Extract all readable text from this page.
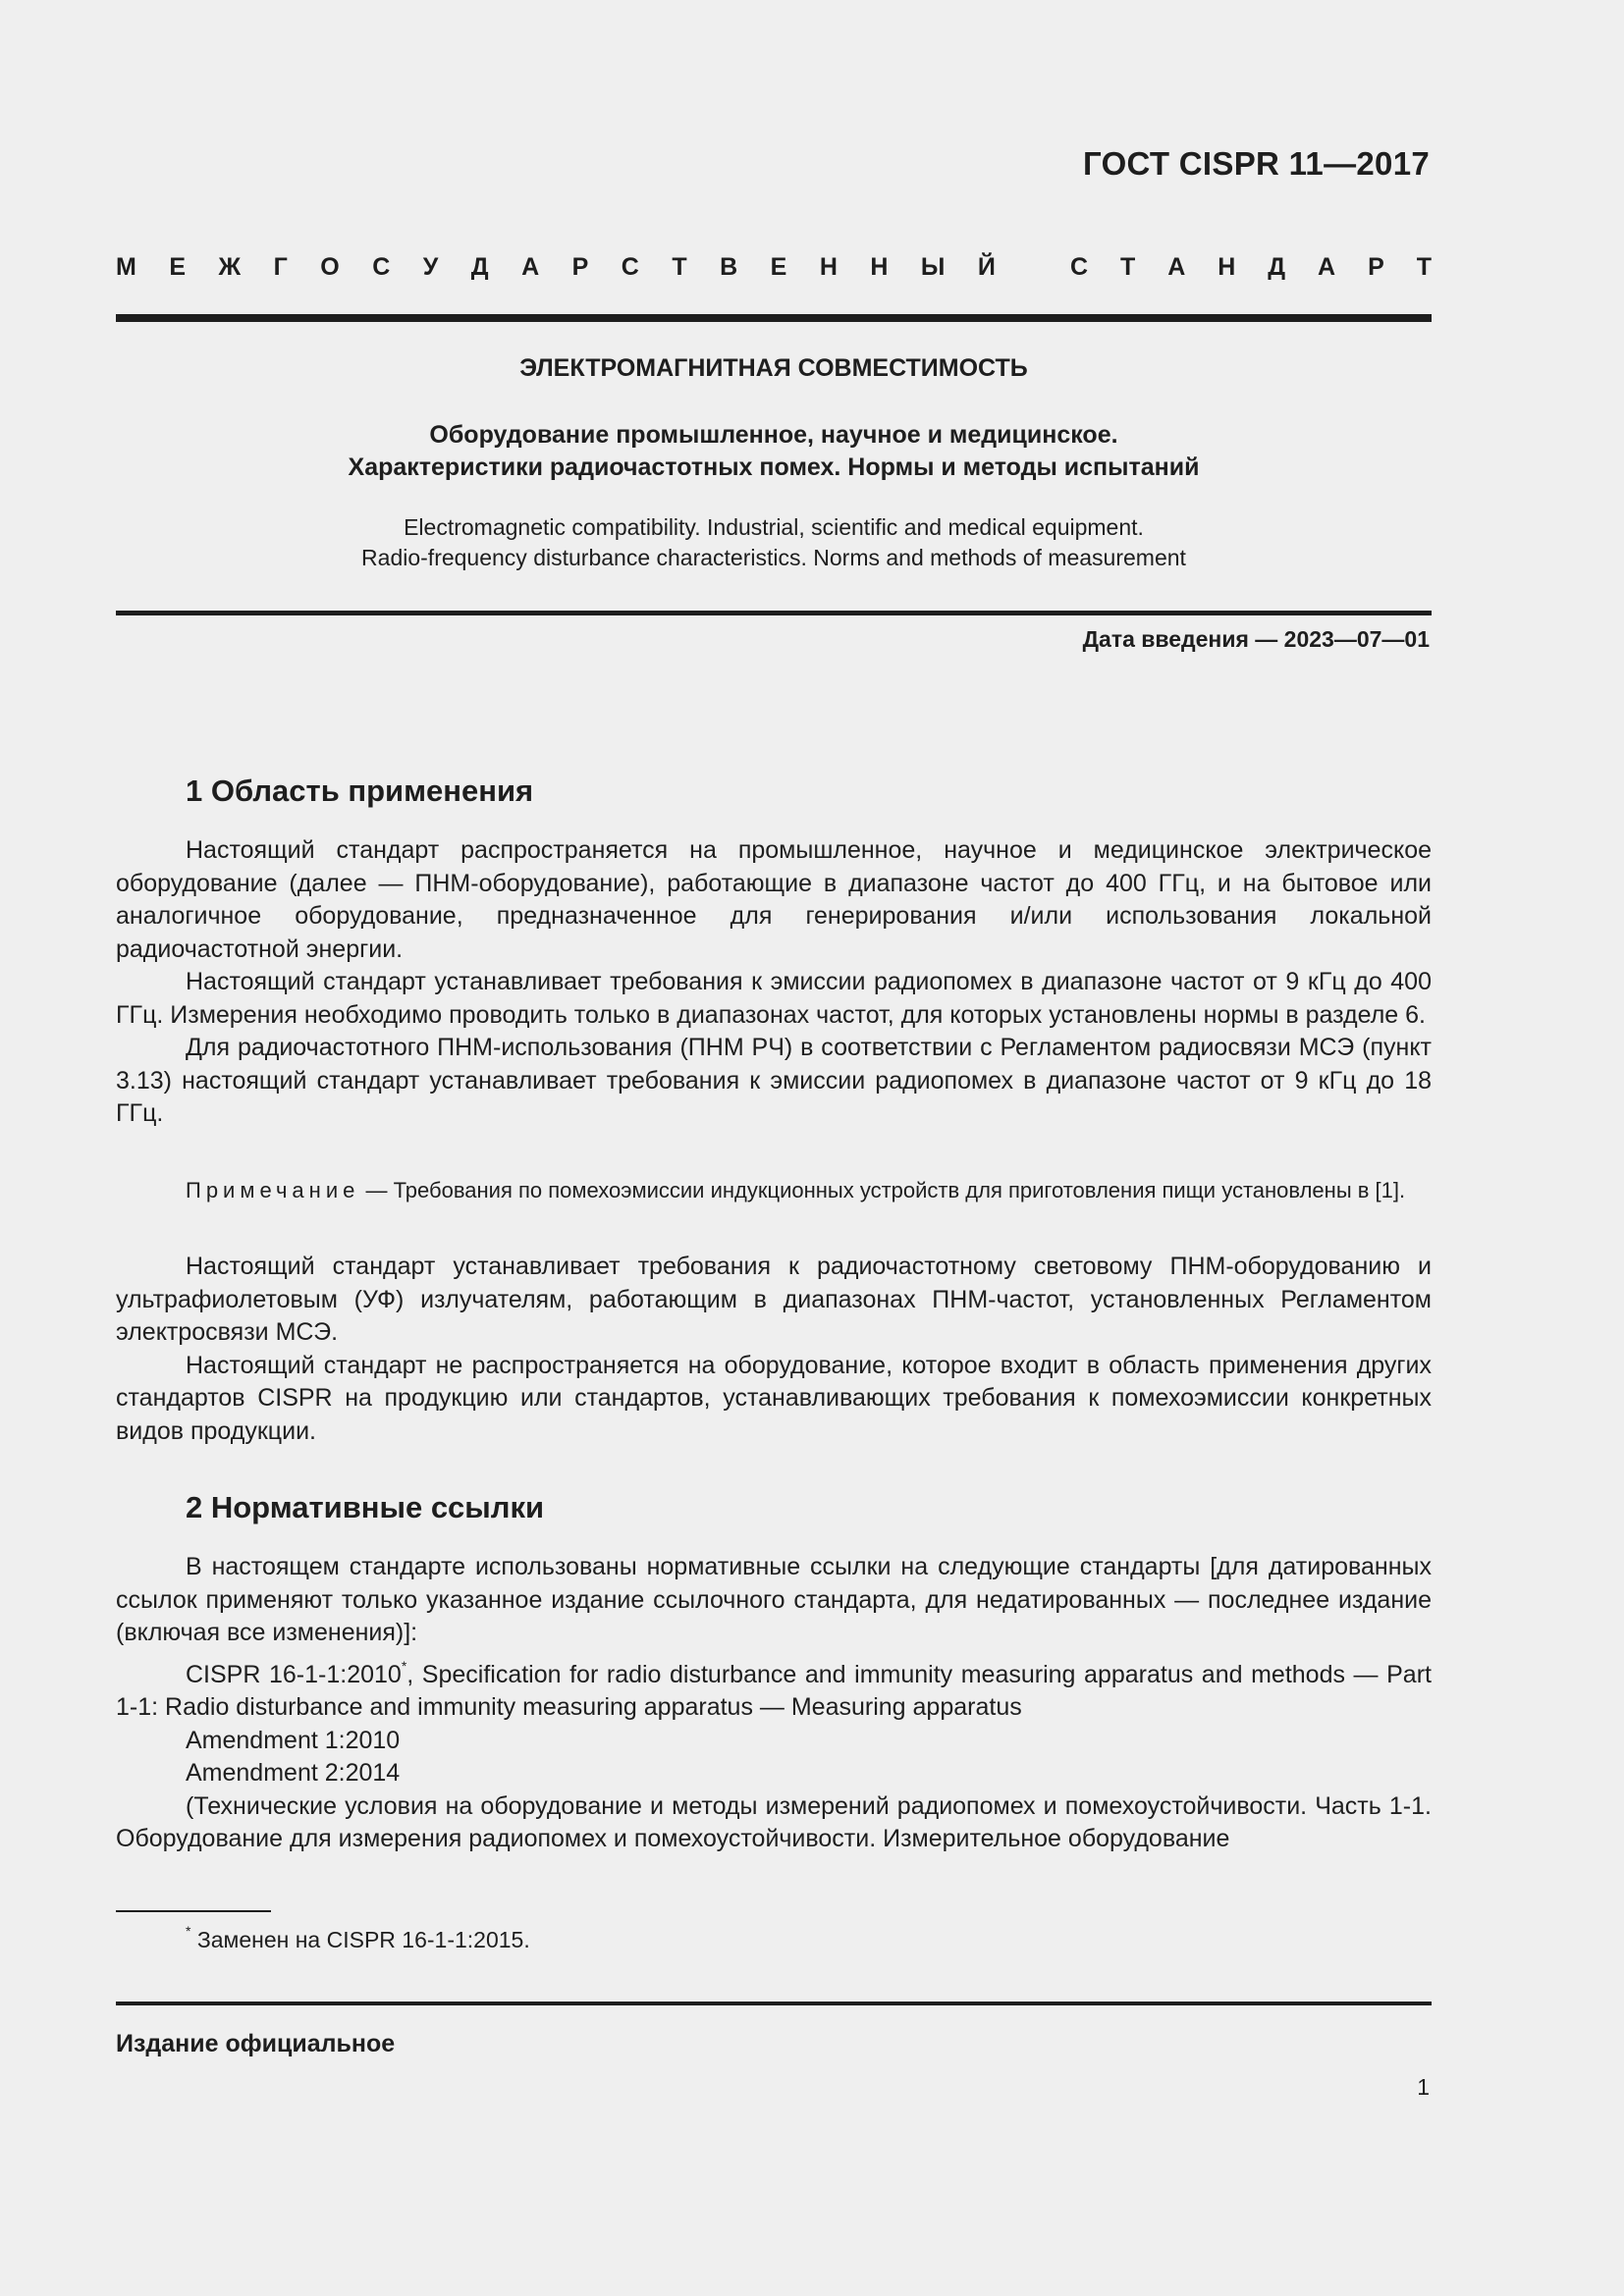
ГОСТ CISPR 11—2017
М Е Ж Г О С У Д А Р С Т В Е Н Н Ы Й	С Т А Н Д А Р Т
ЭЛЕКТРОМАГНИТНАЯ СОВМЕСТИМОСТЬ
Оборудование промышленное, научное и медицинское.
Характеристики радиочастотных помех. Нормы и методы испытаний
Electromagnetic compatibility. Industrial, scientific and medical equipment.
Radio-frequency disturbance characteristics. Norms and methods of measurement
Дата введения — 2023—07—01
1 Область применения

Настоящий стандарт распространяется на промышленное, научное и медицинское электрическое оборудование (далее — ПНМ-оборудование), работающие в диапазоне частот до 400 ГГц, и на бытовое или аналогичное оборудование, предназначенное для генерирования и/или использования локальной радиочастотной энергии.

Настоящий стандарт устанавливает требования к эмиссии радиопомех в диапазоне частот от 9 кГц до 400 ГГц. Измерения необходимо проводить только в диапазонах частот, для которых установлены нормы в разделе 6.

Для радиочастотного ПНМ-использования (ПНМ РЧ) в соответствии с Регламентом радиосвязи МСЭ (пункт 3.13) настоящий стандарт устанавливает требования к эмиссии радиопомех в диапазоне частот от 9 кГц до 18 ГГц.

Примечание — Требования по помехоэмиссии индукционных устройств для приготовления пищи установлены в [1].

Настоящий стандарт устанавливает требования к радиочастотному световому ПНМ-оборудованию и ультрафиолетовым (УФ) излучателям, работающим в диапазонах ПНМ-частот, установленных Регламентом электросвязи МСЭ.

Настоящий стандарт не распространяется на оборудование, которое входит в область применения других стандартов CISPR на продукцию или стандартов, устанавливающих требования к помехоэмиссии конкретных видов продукции.

2 Нормативные ссылки

В настоящем стандарте использованы нормативные ссылки на следующие стандарты [для датированных ссылок применяют только указанное издание ссылочного стандарта, для недатированных — последнее издание (включая все изменения)]:

CISPR 16-1-1:2010*, Specification for radio disturbance and immunity measuring apparatus and methods — Part 1-1: Radio disturbance and immunity measuring apparatus — Measuring apparatus

Amendment 1:2010

Amendment 2:2014

(Технические условия на оборудование и методы измерений радиопомех и помехоустойчивости. Часть 1-1. Оборудование для измерения радиопомех и помехоустойчивости. Измерительное оборудование

* Заменен на CISPR 16-1-1:2015.
Издание официальное
1
